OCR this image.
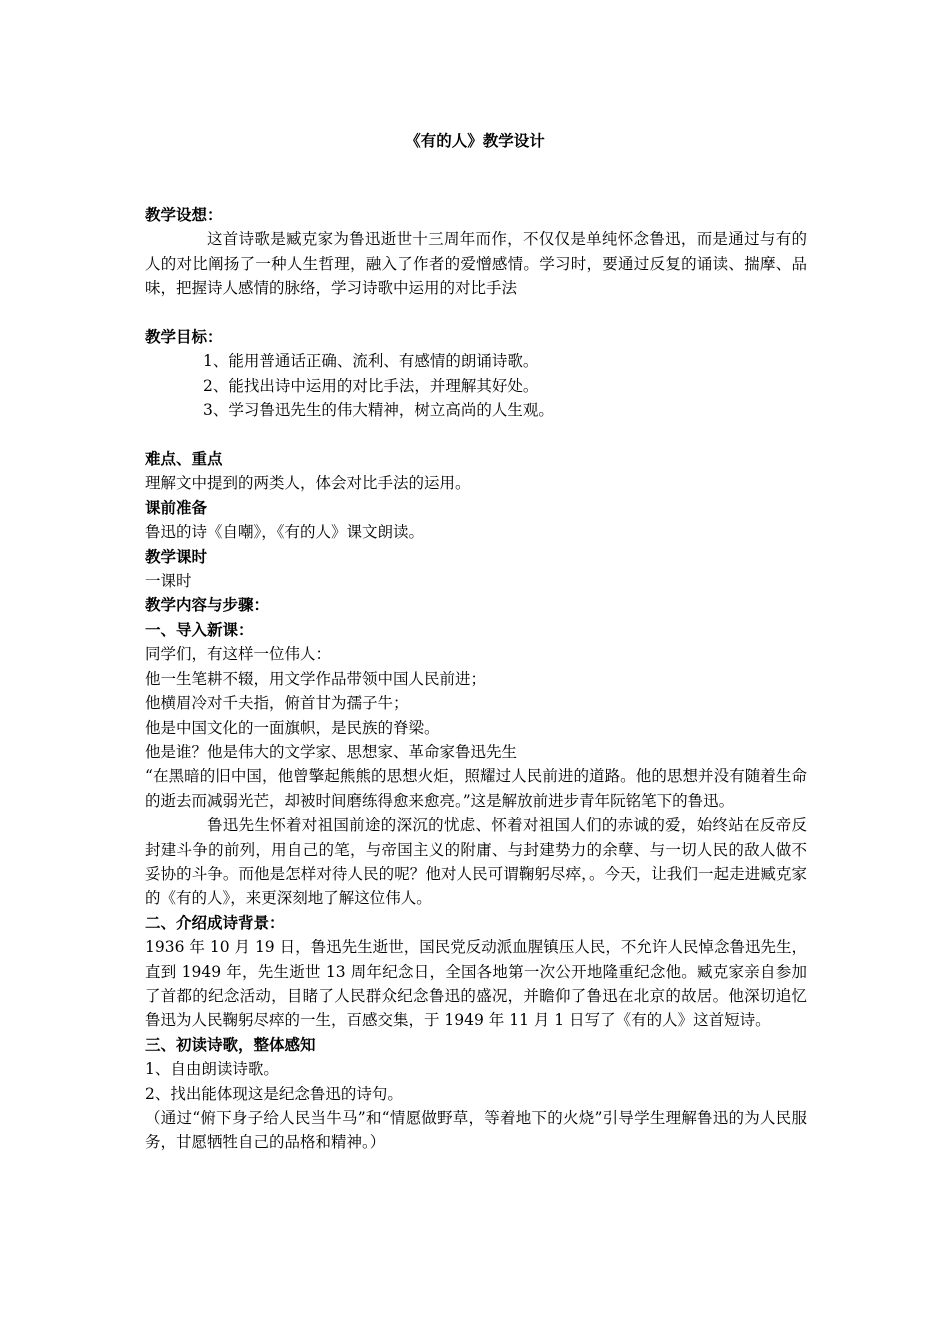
《有的人》教学设计
教学设想：

这首诗歌是臧克家为鲁迅逝世十三周年而作，不仅仅是单纯怀念鲁迅，而是通过与有的人的对比阐扬了一种人生哲理，融入了作者的爱憎感情。学习时，要通过反复的诵读、揣摩、品味，把握诗人感情的脉络，学习诗歌中运用的对比手法

教学目标：
1、能用普通话正确、流利、有感情的朗诵诗歌。
2、能找出诗中运用的对比手法，并理解其好处。
3、学习鲁迅先生的伟大精神，树立高尚的人生观。
难点、重点
理解文中提到的两类人，体会对比手法的运用。
课前准备
鲁迅的诗《自嘲》，《有的人》课文朗读。
教学课时
一课时
教学内容与步骤：
一、导入新课：
同学们，有这样一位伟人：
他一生笔耕不辍，用文学作品带领中国人民前进；
他横眉冷对千夫指，俯首甘为孺子牛；
他是中国文化的一面旗帜，是民族的脊梁。
他是谁？他是伟大的文学家、思想家、革命家鲁迅先生

“在黑暗的旧中国，他曾擎起熊熊的思想火炬，照耀过人民前进的道路。他的思想并没有随着生命的逝去而减弱光芒，却被时间磨练得愈来愈亮。”这是解放前进步青年阮铭笔下的鲁迅。

鲁迅先生怀着对祖国前途的深沉的忧虑、怀着对祖国人们的赤诚的爱，始终站在反帝反封建斗争的前列，用自己的笔，与帝国主义的附庸、与封建势力的余孽、与一切人民的敌人做不妥协的斗争。而他是怎样对待人民的呢？他对人民可谓鞠躬尽瘁，。今天，让我们一起走进臧克家的《有的人》，来更深刻地了解这位伟人。

二、介绍成诗背景：

1936 年 10 月 19 日，鲁迅先生逝世，国民党反动派血腥镇压人民，不允许人民悼念鲁迅先生，直到 1949 年，先生逝世 13 周年纪念日，全国各地第一次公开地隆重纪念他。臧克家亲自参加了首都的纪念活动，目睹了人民群众纪念鲁迅的盛况，并瞻仰了鲁迅在北京的故居。他深切追忆鲁迅为人民鞠躬尽瘁的一生，百感交集，于 1949 年 11 月 1 日写了《有的人》这首短诗。

三、初读诗歌，整体感知
1、自由朗读诗歌。
2、找出能体现这是纪念鲁迅的诗句。

（通过“俯下身子给人民当牛马”和“情愿做野草，等着地下的火烧”引导学生理解鲁迅的为人民服务，甘愿牺牲自己的品格和精神。）
